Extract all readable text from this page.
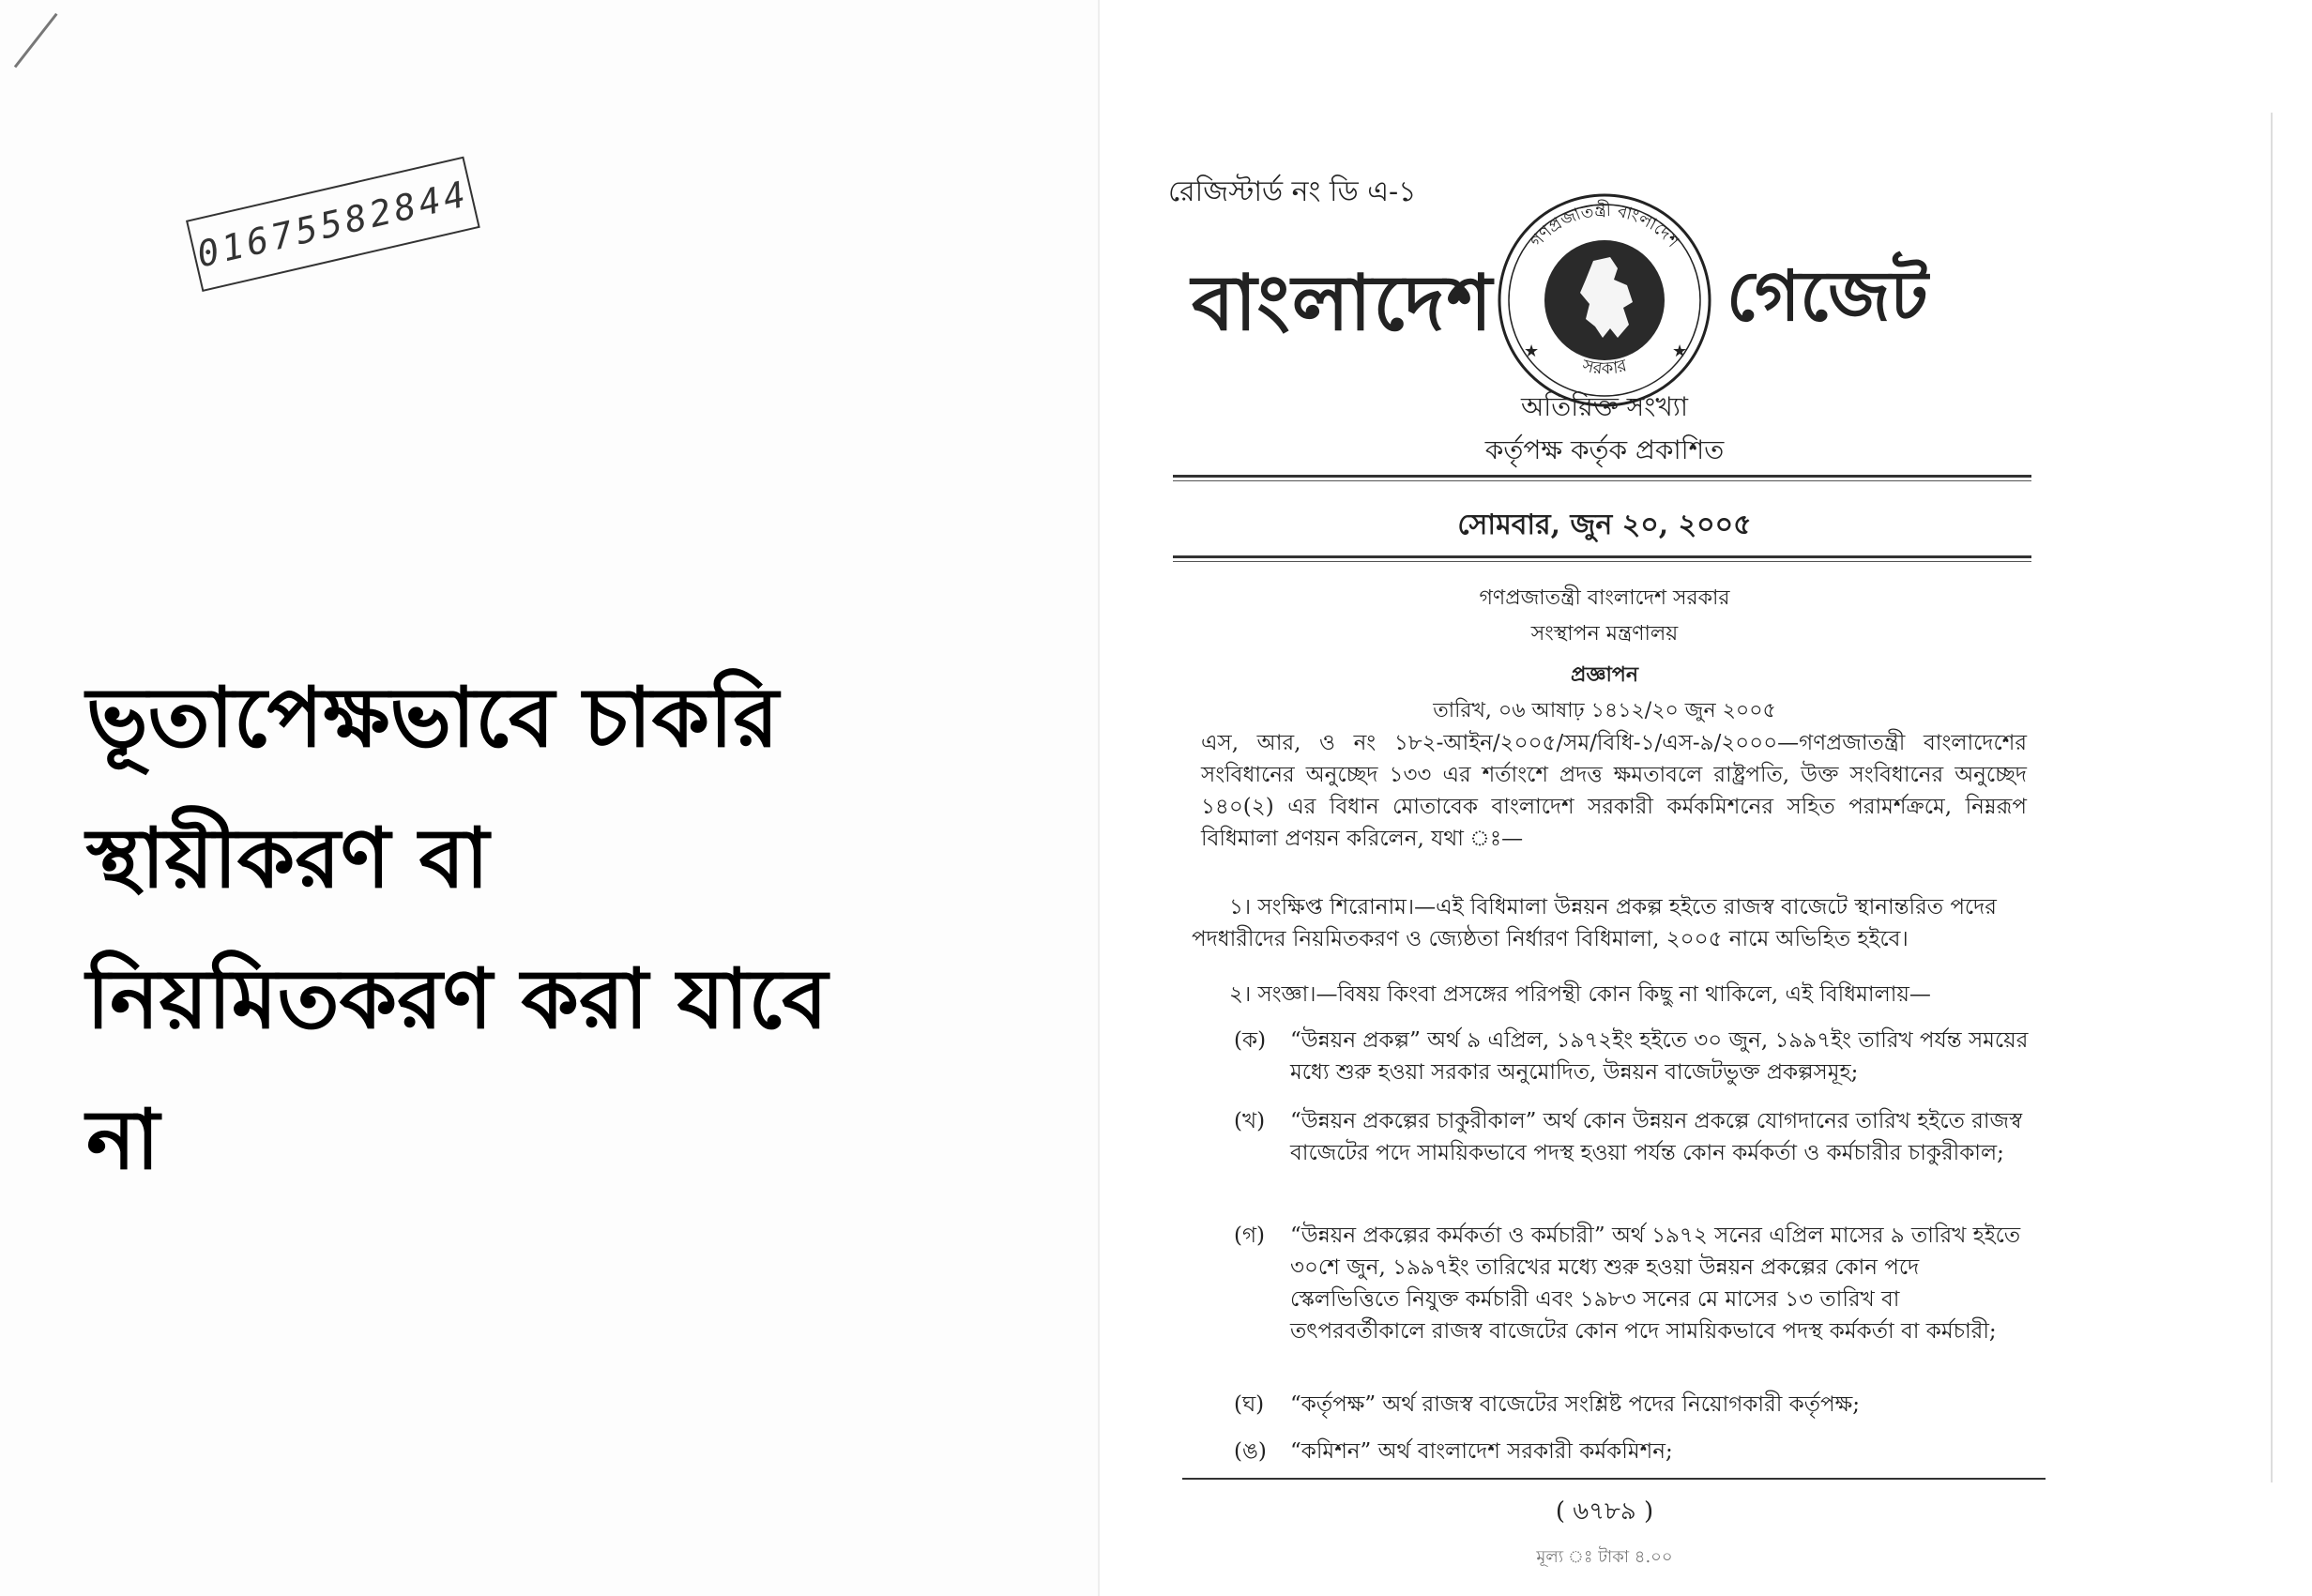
01675582844
ভূতাপেক্ষভাবে চাকরি
স্থায়ীকরণ বা
নিয়মিতকরণ করা যাবে
না
রেজিস্টার্ড নং ডি এ-১
বাংলাদেশ
গণপ্রজাতন্ত্রী বাংলাদেশ
সরকার
★	★
গেজেট
অতিরিক্ত সংখ্যা
কর্তৃপক্ষ কর্তৃক প্রকাশিত
সোমবার, জুন ২০, ২০০৫
গণপ্রজাতন্ত্রী বাংলাদেশ সরকার
সংস্থাপন মন্ত্রণালয়
প্রজ্ঞাপন
তারিখ, ০৬ আষাঢ় ১৪১২/২০ জুন ২০০৫
এস, আর, ও নং ১৮২-আইন/২০০৫/সম/বিধি-১/এস-৯/২০০০—গণপ্রজাতন্ত্রী বাংলাদেশের সংবিধানের অনুচ্ছেদ ১৩৩ এর শর্তাংশে প্রদত্ত ক্ষমতাবলে রাষ্ট্রপতি, উক্ত সংবিধানের অনুচ্ছেদ ১৪০(২) এর বিধান মোতাবেক বাংলাদেশ সরকারী কর্মকমিশনের সহিত পরামর্শক্রমে, নিম্নরূপ বিধিমালা প্রণয়ন করিলেন, যথা ঃ—
১। সংক্ষিপ্ত শিরোনাম।—এই বিধিমালা উন্নয়ন প্রকল্প হইতে রাজস্ব বাজেটে স্থানান্তরিত পদের পদধারীদের নিয়মিতকরণ ও জ্যেষ্ঠতা নির্ধারণ বিধিমালা, ২০০৫ নামে অভিহিত হইবে।
২। সংজ্ঞা।—বিষয় কিংবা প্রসঙ্গের পরিপন্থী কোন কিছু না থাকিলে, এই বিধিমালায়—
(ক) “উন্নয়ন প্রকল্প” অর্থ ৯ এপ্রিল, ১৯৭২ইং হইতে ৩০ জুন, ১৯৯৭ইং তারিখ পর্যন্ত সময়ের মধ্যে শুরু হওয়া সরকার অনুমোদিত, উন্নয়ন বাজেটভুক্ত প্রকল্পসমূহ;
(খ) “উন্নয়ন প্রকল্পের চাকুরীকাল” অর্থ কোন উন্নয়ন প্রকল্পে যোগদানের তারিখ হইতে রাজস্ব বাজেটের পদে সাময়িকভাবে পদস্থ হওয়া পর্যন্ত কোন কর্মকর্তা ও কর্মচারীর চাকুরীকাল;
(গ) “উন্নয়ন প্রকল্পের কর্মকর্তা ও কর্মচারী” অর্থ ১৯৭২ সনের এপ্রিল মাসের ৯ তারিখ হইতে ৩০শে জুন, ১৯৯৭ইং তারিখের মধ্যে শুরু হওয়া উন্নয়ন প্রকল্পের কোন পদে স্কেলভিত্তিতে নিযুক্ত কর্মচারী এবং ১৯৮৩ সনের মে মাসের ১৩ তারিখ বা তৎপরবর্তীকালে রাজস্ব বাজেটের কোন পদে সাময়িকভাবে পদস্থ কর্মকর্তা বা কর্মচারী;
(ঘ) “কর্তৃপক্ষ” অর্থ রাজস্ব বাজেটের সংশ্লিষ্ট পদের নিয়োগকারী কর্তৃপক্ষ;
(ঙ) “কমিশন” অর্থ বাংলাদেশ সরকারী কর্মকমিশন;
( ৬৭৮৯ )
মূল্য ঃ টাকা ৪.০০
